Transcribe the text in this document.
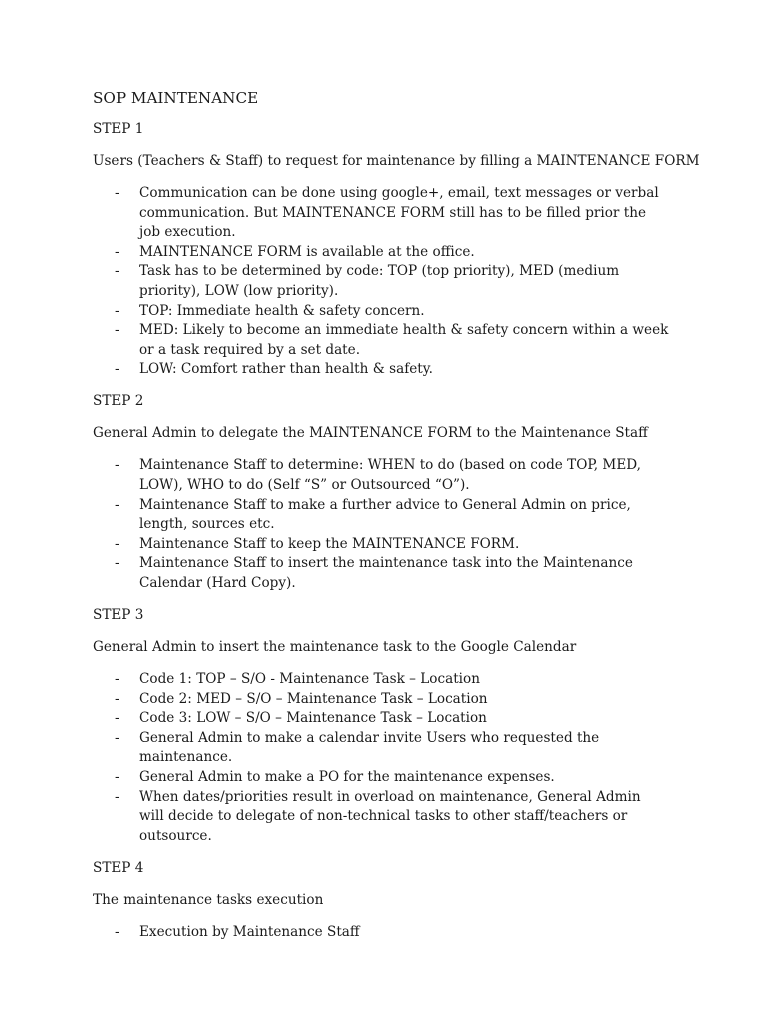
SOP MAINTENANCE
STEP 1
Users (Teachers & Staff) to request for maintenance by filling a MAINTENANCE FORM
- Communication can be done using google+, email, text messages or verbal communication. But MAINTENANCE FORM still has to be filled prior the job execution.
- MAINTENANCE FORM is available at the office.
- Task has to be determined by code: TOP (top priority), MED (medium priority), LOW (low priority).
- TOP: Immediate health & safety concern.
- MED: Likely to become an immediate health & safety concern within a week or a task required by a set date.
- LOW: Comfort rather than health & safety.
STEP 2
General Admin to delegate the MAINTENANCE FORM to the Maintenance Staff
- Maintenance Staff to determine: WHEN to do (based on code TOP, MED, LOW), WHO to do (Self “S” or Outsourced “O”).
- Maintenance Staff to make a further advice to General Admin on price, length, sources etc.
- Maintenance Staff to keep the MAINTENANCE FORM.
- Maintenance Staff to insert the maintenance task into the Maintenance Calendar (Hard Copy).
STEP 3
General Admin to insert the maintenance task to the Google Calendar
- Code 1: TOP – S/O - Maintenance Task – Location
- Code 2: MED – S/O – Maintenance Task – Location
- Code 3: LOW – S/O – Maintenance Task – Location
- General Admin to make a calendar invite Users who requested the maintenance.
- General Admin to make a PO for the maintenance expenses.
- When dates/priorities result in overload on maintenance, General Admin will decide to delegate of non-technical tasks to other staff/teachers or outsource.
STEP 4
The maintenance tasks execution
- Execution by Maintenance Staff
